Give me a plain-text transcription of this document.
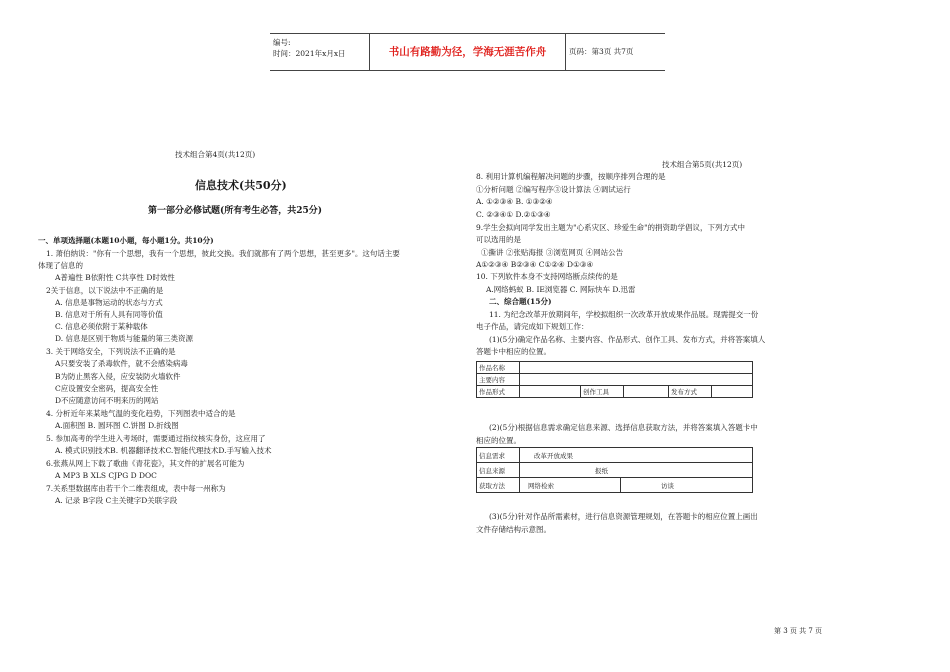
编号:
时间：2021年x月x日	书山有路勤为径，学海无涯苦作舟	页码：第3页 共7页
技术组合第4页(共12页)
信息技术(共50分)
第一部分必修试题(所有考生必答，共25分)
一、单项选择题(本题10小题，每小题1分。共10分)
1. 萧伯纳说："你有一个思想，我有一个思想，彼此交换。我们就都有了两个思想，甚至更多"。这句话主要
体现了信息的
A普遍性 B依附性 C共享性 D时效性
2关于信息，以下说法中不正确的是
A. 信息是事物运动的状态与方式
B. 信息对于所有人具有同等价值
C. 信息必须依附于某种载体
D. 信息是区别于物质与能量的第三类资源
3. 关于网络安全，下列说法不正确的是
A只要安装了杀毒软件，就不会感染病毒
B为防止黑客入侵，应安装防火墙软件
C应设置安全密码，提高安全性
D不应随意访问不明来历的网站
4. 分析近年来某地气温的变化趋势，下列图表中适合的是
A.面积图 B. 圆环图 C.饼图 D.折线图
5. 参加高考的学生进入考场时，需要通过指纹核实身份，这应用了
A. 模式识别技术B. 机器翻译技术C.智能代理技术D.手写输入技术
6.张燕从网上下载了歌曲《青花瓷》，其文件的扩展名可能为
A MP3 B XLS CJPG D DOC
7.关系型数据库由若干个二维表组成，表中每一州称为
A. 记录 B字段 C主关键字D关联字段
技术组合第5页(共12页)
8. 利用计算机编程解决问题的步骤，按顺序排列合理的是
①分析问题 ②编写程序③设计算法 ④调试运行
A. ①②③④ B. ①③②④
C. ②③④① D.②①③④
9.学生会拟向同学发出主题为"心系灾区、珍爱生命"的捐资助学倡议，下列方式中
可以选用的是
①撕讲 ②张贴海报 ③浏览网页 ④网站公告
A①②③④ B②③④ C①②④ D①③④
10. 下列软件本身不支持网络断点续传的是
A.网络蚂蚁 B. IE浏览器 C. 网际快车 D.迅雷
二、综合题(15分)
11. 为纪念改革开放期间年，学校拟组织一次改革开放成果作品展。现需提交一份
电子作品，请完成如下规划工作：
(1)(5分)确定作品名称、主要内容、作品形式、创作工具、发布方式，并将答案填人
答题卡中相应的位置。
作品名称					
主要内容					
作品形式		创作工具		发布方式	
(2)(5分)根据信息需求确定信息来源、选择信息获取方法，并将答案填入答题卡中
相应的位置。
信息需求	改革开放成果	
信息来源	报纸	
获取方法	网络检索	访谈
(3)(5分)针对作品所需素材，进行信息资源管理规划，在答题卡的相应位置上画出
文件存储结构示意图。
第 3 页 共 7 页
